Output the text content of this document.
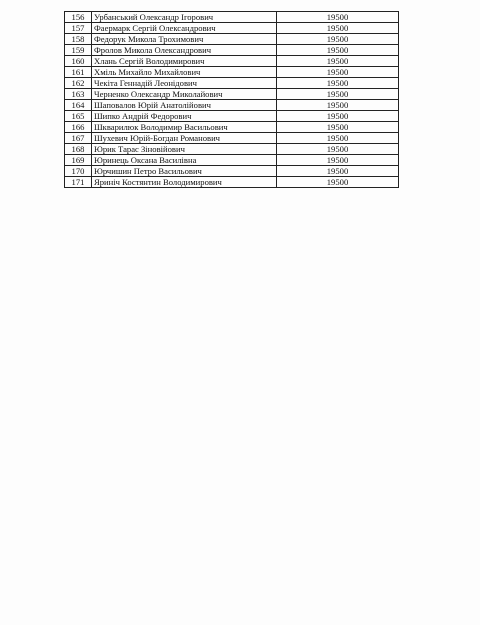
156	Урбанський Олександр Ігорович	19500
157	Фаермарк Сергій Олександрович	19500
158	Федорук Микола Трохимович	19500
159	Фролов Микола Олександрович	19500
160	Хлань Сергій Володимирович	19500
161	Хміль Михайло Михайлович	19500
162	Чекіта Геннадій Леонідович	19500
163	Черненко Олександр Миколайович	19500
164	Шаповалов Юрій Анатолійович	19500
165	Шипко Андрій Федорович	19500
166	Шкварилюк Володимир Васильович	19500
167	Шухевич Юрій-Богдан Романович	19500
168	Юрик Тарас Зіновійович	19500
169	Юринець Оксана Василівна	19500
170	Юрчишин Петро Васильович	19500
171	Яриніч Костянтин Володимирович	19500
